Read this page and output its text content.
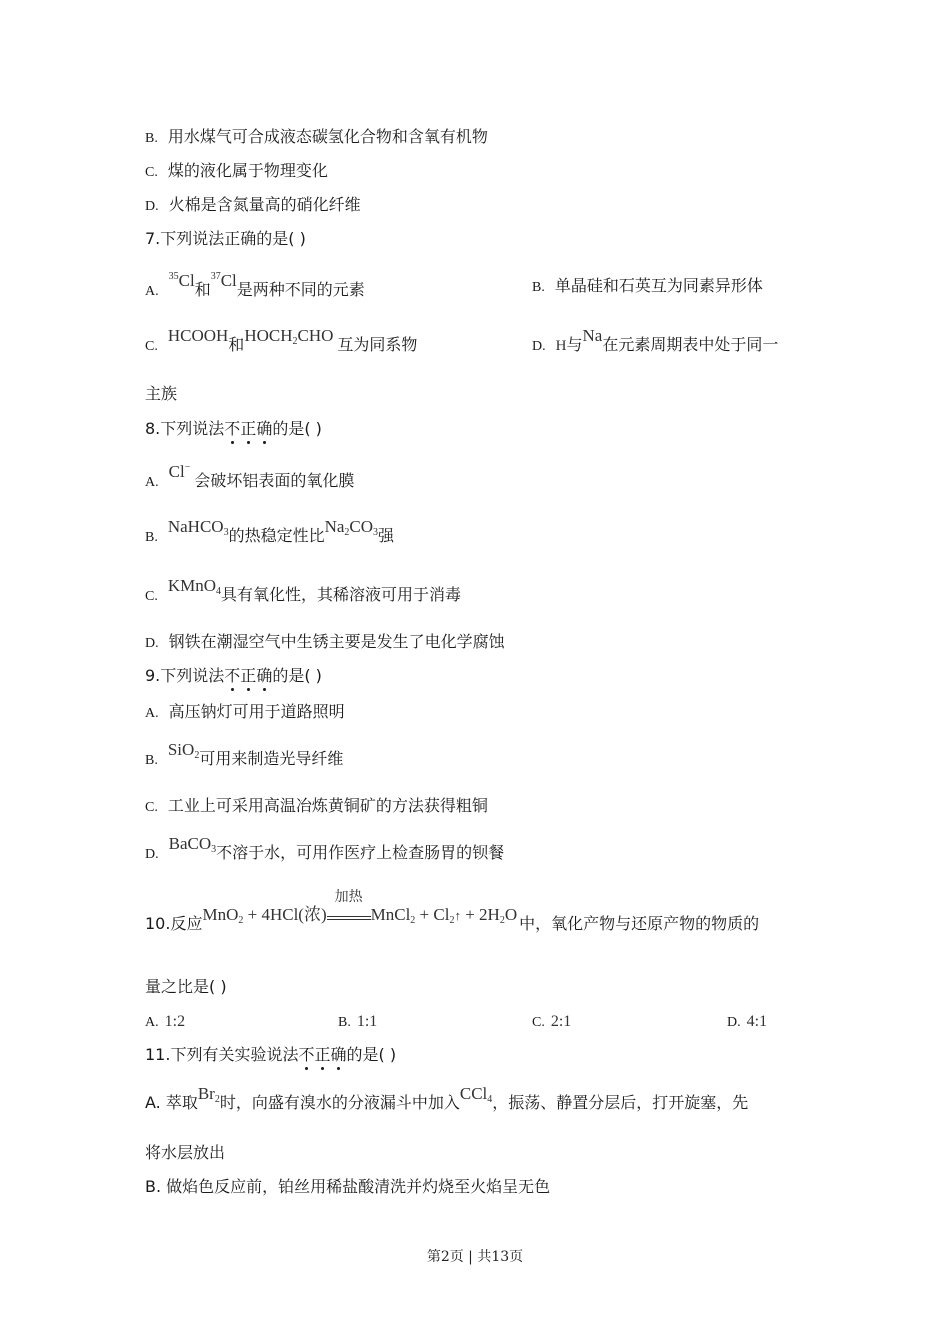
B. 用水煤气可合成液态碳氢化合物和含氧有机物
C. 煤的液化属于物理变化
D. 火棉是含氮量高的硝化纤维
7.下列说法正确的是( )
A.$^{35}$Cl和$^{37}$Cl是两种不同的元素	B. 单晶硅和石英互为同素异形体
C.HCOOH和$HOCH_2CHO$ 互为同系物	D. H与Na在元素周期表中处于同一
主族
8.下列说法不正确的是( )
A.Cl−会破坏铝表面的氧化膜
B.NaHCO$_3$的热稳定性比$Na_2CO_3$强
C.KMnO$_4$具有氧化性，其稀溶液可用于消毒
D. 钢铁在潮湿空气中生锈主要是发生了电化学腐蚀
9.下列说法不正确的是( )
A. 高压钠灯可用于道路照明
B.SiO$_2$可用来制造光导纤维
C. 工业上可采用高温冶炼黄铜矿的方法获得粗铜
D.BaCO$_3$不溶于水，可用作医疗上检查肠胃的钡餐
10.反应MnO$_2$ + 4HCl(浓)
加热
MnCl$_2$ + $Cl_2↑ + 2H_2O$ 中，氧化产物与还原产物的物质的
量之比是( )
A. 1:2	B. 1:1	C. 2:1	D. 4:1
11.下列有关实验说法不正确的是( )
A. 萃取$Br_2$时，向盛有溴水的分液漏斗中加入CCl$_4$，振荡、静置分层后，打开旋塞，先
将水层放出
B. 做焰色反应前，铂丝用稀盐酸清洗并灼烧至火焰呈无色
第2页 | 共13页
